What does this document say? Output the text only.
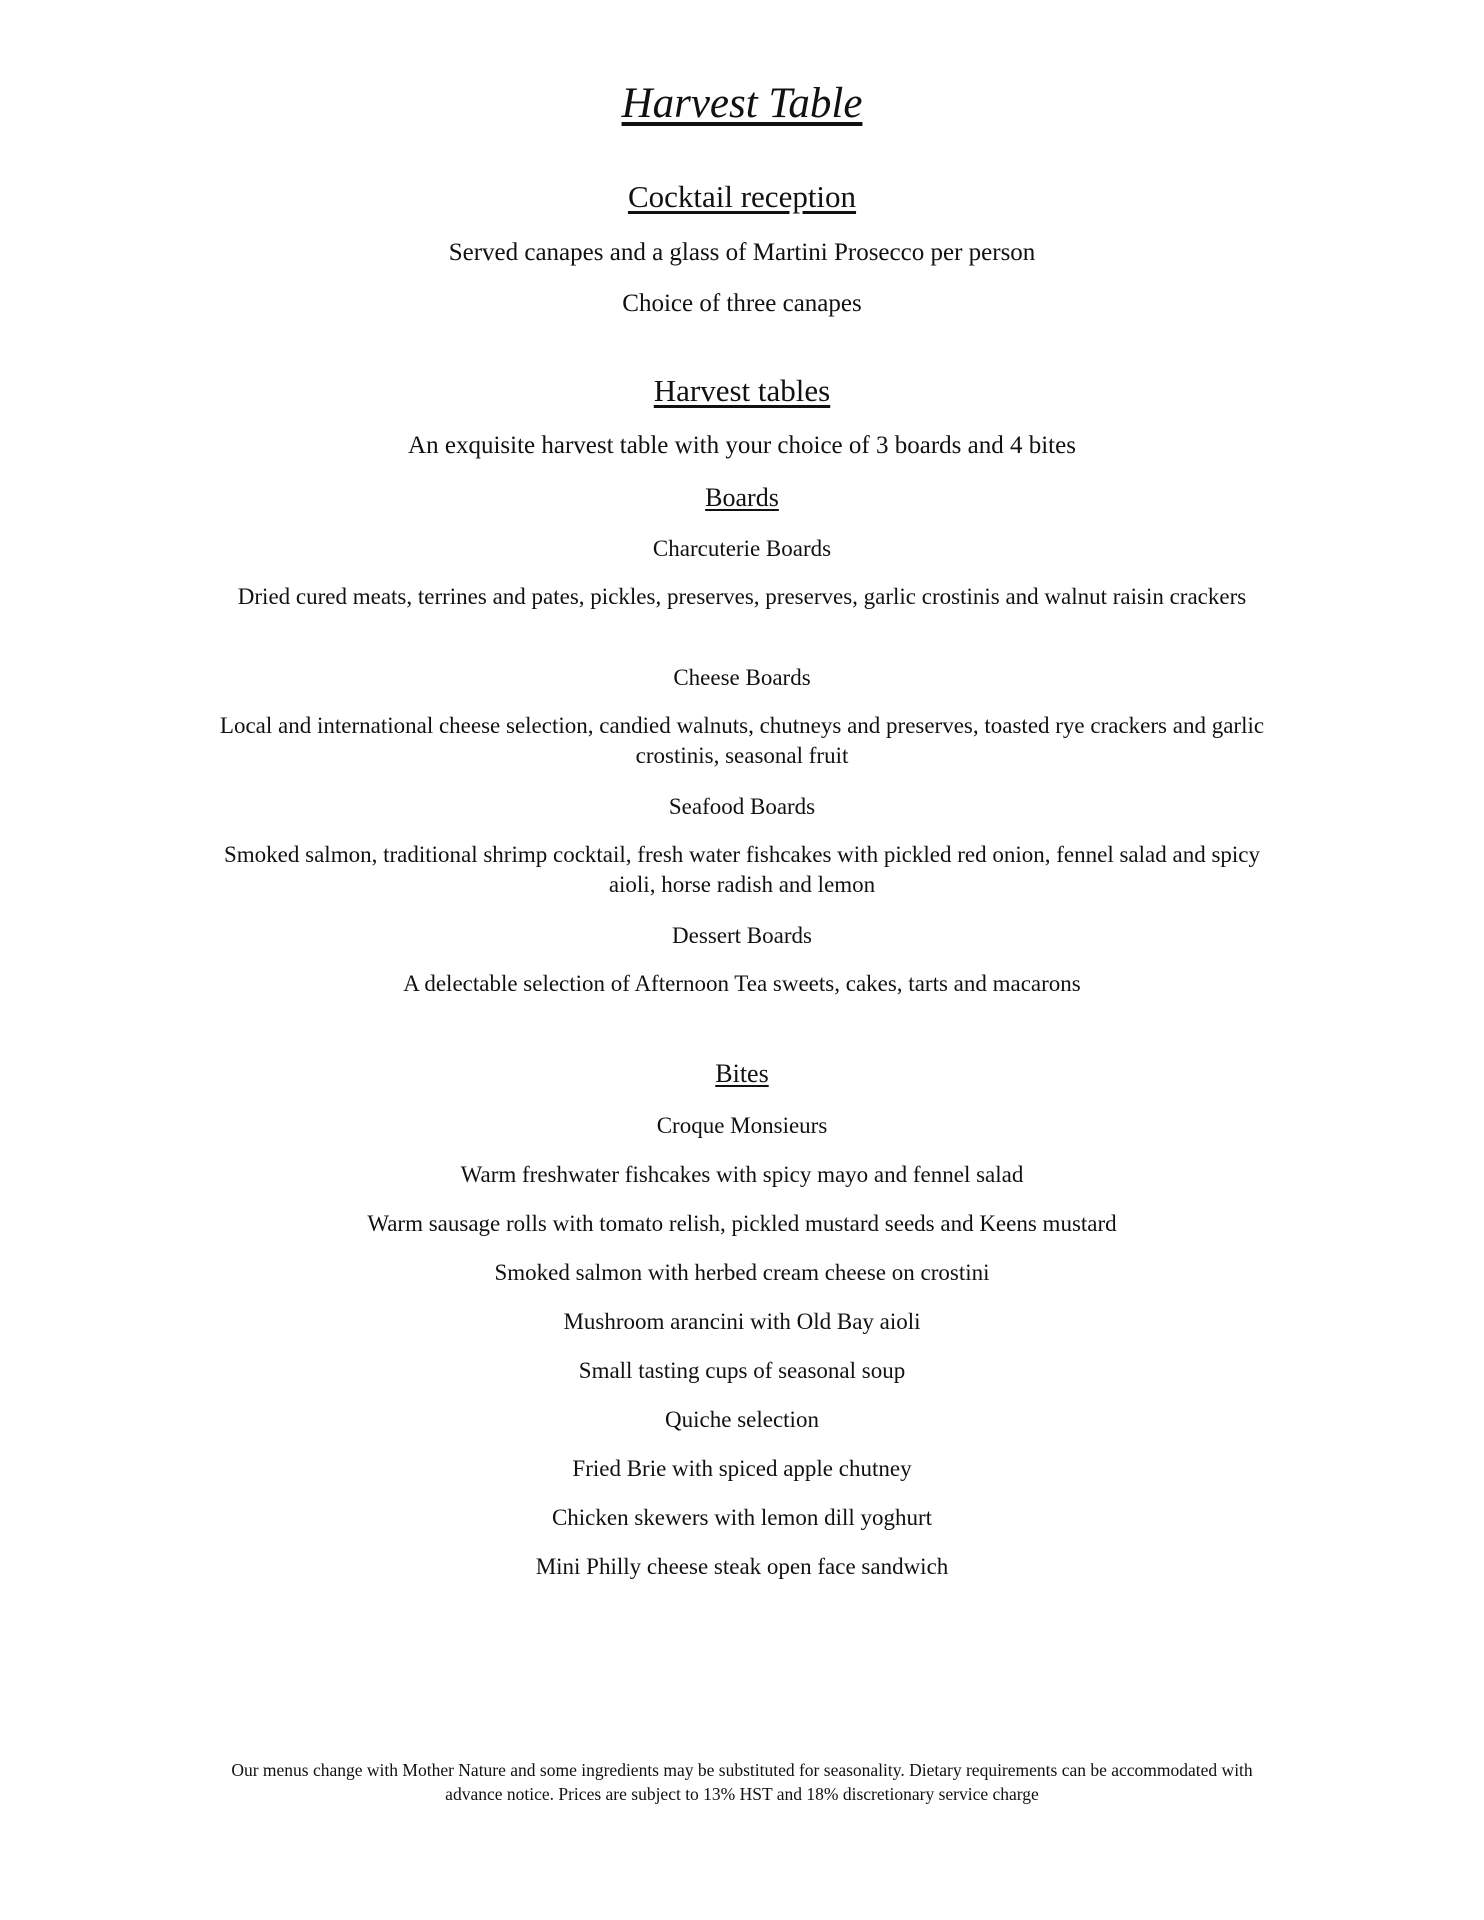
Harvest Table
Cocktail reception

Served canapes and a glass of Martini Prosecco per person

Choice of three canapes

Harvest tables

An exquisite harvest table with your choice of 3 boards and 4 bites

Boards

Charcuterie Boards

Dried cured meats, terrines and pates, pickles, preserves, preserves, garlic crostinis and walnut raisin crackers

Cheese Boards

Local and international cheese selection, candied walnuts, chutneys and preserves, toasted rye crackers and garlic crostinis, seasonal fruit

Seafood Boards

Smoked salmon, traditional shrimp cocktail, fresh water fishcakes with pickled red onion, fennel salad and spicy aioli, horse radish and lemon

Dessert Boards

A delectable selection of Afternoon Tea sweets, cakes, tarts and macarons

Bites

Croque Monsieurs

Warm freshwater fishcakes with spicy mayo and fennel salad

Warm sausage rolls with tomato relish, pickled mustard seeds and Keens mustard

Smoked salmon with herbed cream cheese on crostini

Mushroom arancini with Old Bay aioli

Small tasting cups of seasonal soup

Quiche selection

Fried Brie with spiced apple chutney

Chicken skewers with lemon dill yoghurt

Mini Philly cheese steak open face sandwich

Our menus change with Mother Nature and some ingredients may be substituted for seasonality. Dietary requirements can be accommodated with advance notice. Prices are subject to 13% HST and 18% discretionary service charge
